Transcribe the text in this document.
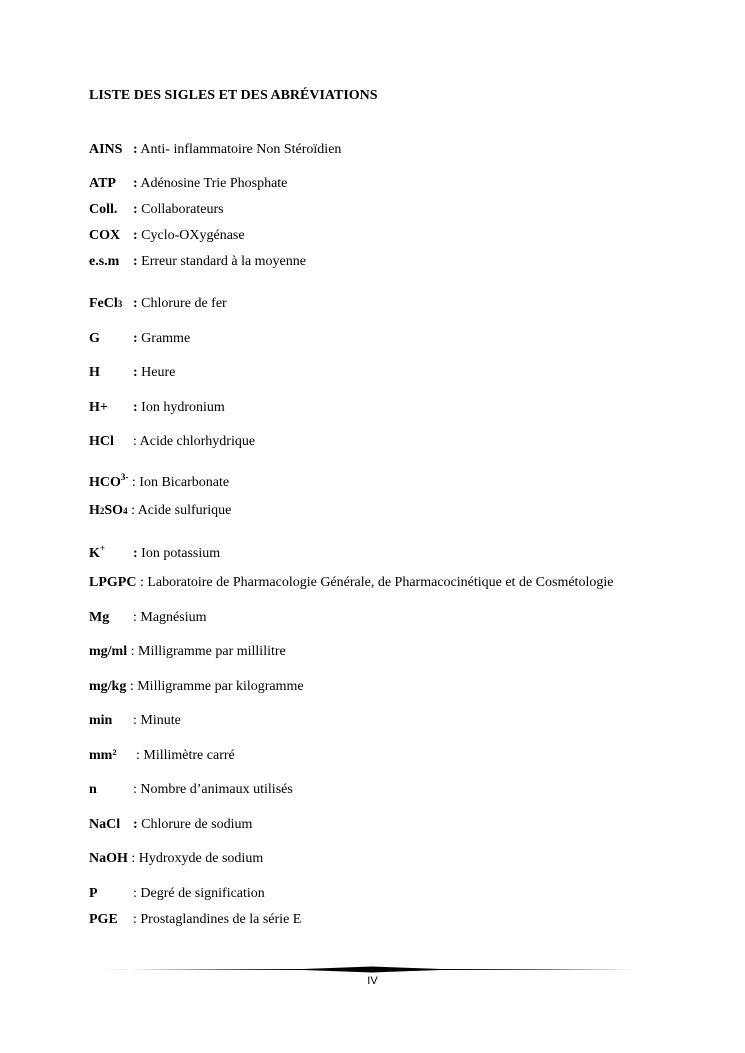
LISTE DES SIGLES ET DES ABRÉVIATIONS
AINS : Anti- inflammatoire Non Stéroïdien
ATP : Adénosine Trie Phosphate
Coll. : Collaborateurs
COX : Cyclo-OXygénase
e.s.m : Erreur standard à la moyenne
FeCl3 : Chlorure de fer
G : Gramme
H : Heure
H+ : Ion hydronium
HCl : Acide chlorhydrique
$HCO^{3-}$ : Ion Bicarbonate
H2SO4 : Acide sulfurique
K+ : Ion potassium
LPGPC : Laboratoire de Pharmacologie Générale, de Pharmacocinétique et de Cosmétologie
Mg : Magnésium
mg/ml : Milligramme par millilitre
mg/kg : Milligramme par kilogramme
min : Minute
mm² : Millimètre carré
n	: Nombre d’animaux utilisés
NaCl : Chlorure de sodium
NaOH : Hydroxyde de sodium
P	: Degré de signification
PGE : Prostaglandines de la série E
IV
